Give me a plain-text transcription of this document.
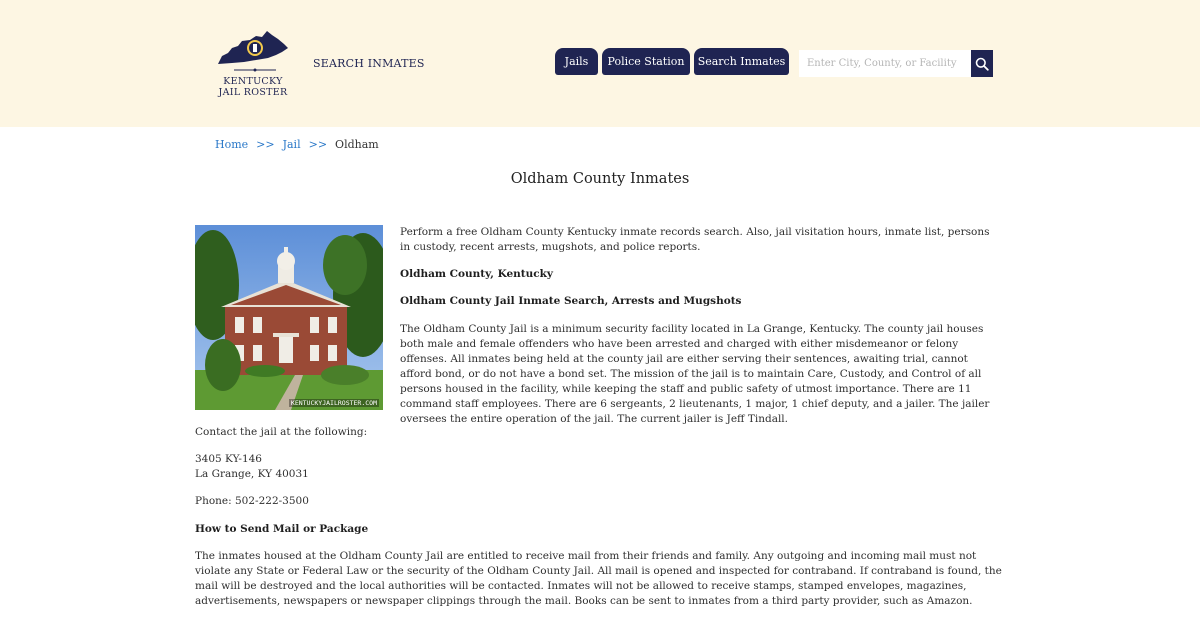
KENTUCKY
JAIL ROSTER
SEARCH INMATES	Jails	Police Station	Search Inmates
Enter City, County, or Facility
Home >> Jail >> Oldham
Oldham County Inmates
KENTUCKYJAILROSTER.COM

Perform a free Oldham County Kentucky inmate records search. Also, jail visitation hours, inmate list, persons in custody, recent arrests, mugshots, and police reports.

Oldham County, Kentucky

Oldham County Jail Inmate Search, Arrests and Mugshots

The Oldham County Jail is a minimum security facility located in La Grange, Kentucky. The county jail houses both male and female offenders who have been arrested and charged with either misdemeanor or felony offenses. All inmates being held at the county jail are either serving their sentences, awaiting trial, cannot afford bond, or do not have a bond set. The mission of the jail is to maintain Care, Custody, and Control of all persons housed in the facility, while keeping the staff and public safety of utmost importance. There are 11 command staff employees. There are 6 sergeants, 2 lieutenants, 1 major, 1 chief deputy, and a jailer. The jailer oversees the entire operation of the jail. The current jailer is Jeff Tindall.

Contact the jail at the following:

3405 KY-146

La Grange, KY 40031

Phone: 502-222-3500

How to Send Mail or Package

The inmates housed at the Oldham County Jail are entitled to receive mail from their friends and family. Any outgoing and incoming mail must not violate any State or Federal Law or the security of the Oldham County Jail. All mail is opened and inspected for contraband. If contraband is found, the mail will be destroyed and the local authorities will be contacted. Inmates will not be allowed to receive stamps, stamped envelopes, magazines, advertisements, newspapers or newspaper clippings through the mail. Books can be sent to inmates from a third party provider, such as Amazon.
